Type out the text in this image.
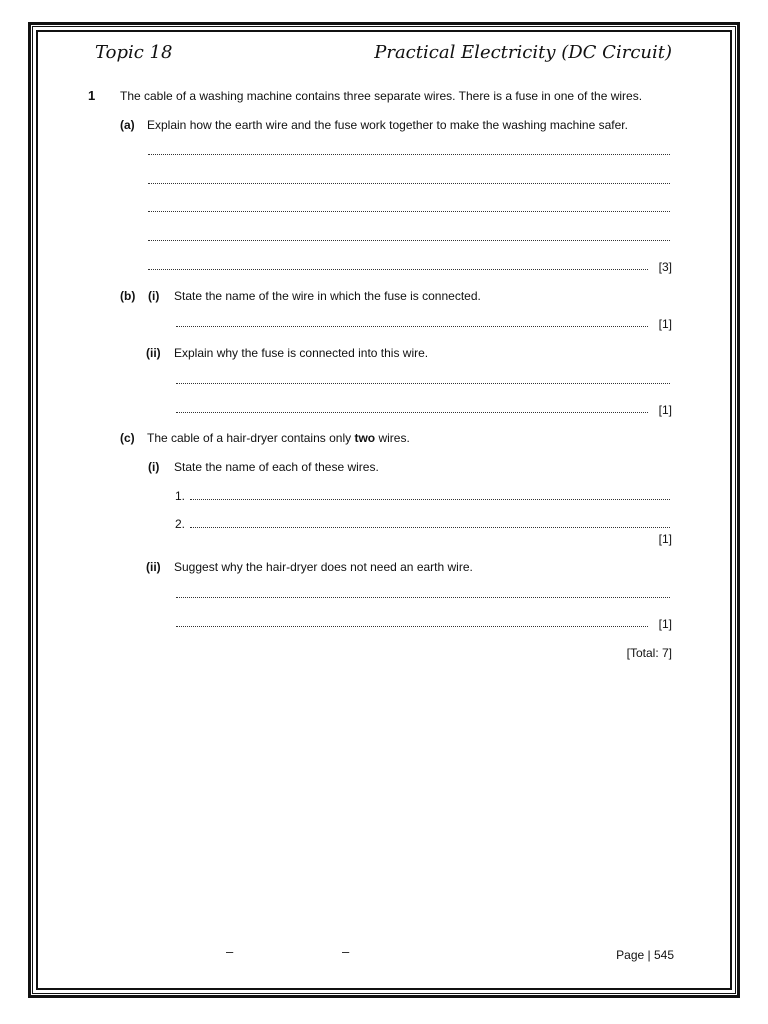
Topic 18	Practical Electricity (DC Circuit)
1 The cable of a washing machine contains three separate wires. There is a fuse in one of the wires.
(a) Explain how the earth wire and the fuse work together to make the washing machine safer.
[3]
(b) (i) State the name of the wire in which the fuse is connected.
[1]
(ii) Explain why the fuse is connected into this wire.
[1]
(c) The cable of a hair-dryer contains only two wires.
(i) State the name of each of these wires.
1.
2.
[1]
(ii) Suggest why the hair-dryer does not need an earth wire.
[1]
[Total: 7]
–	–	Page | 545
